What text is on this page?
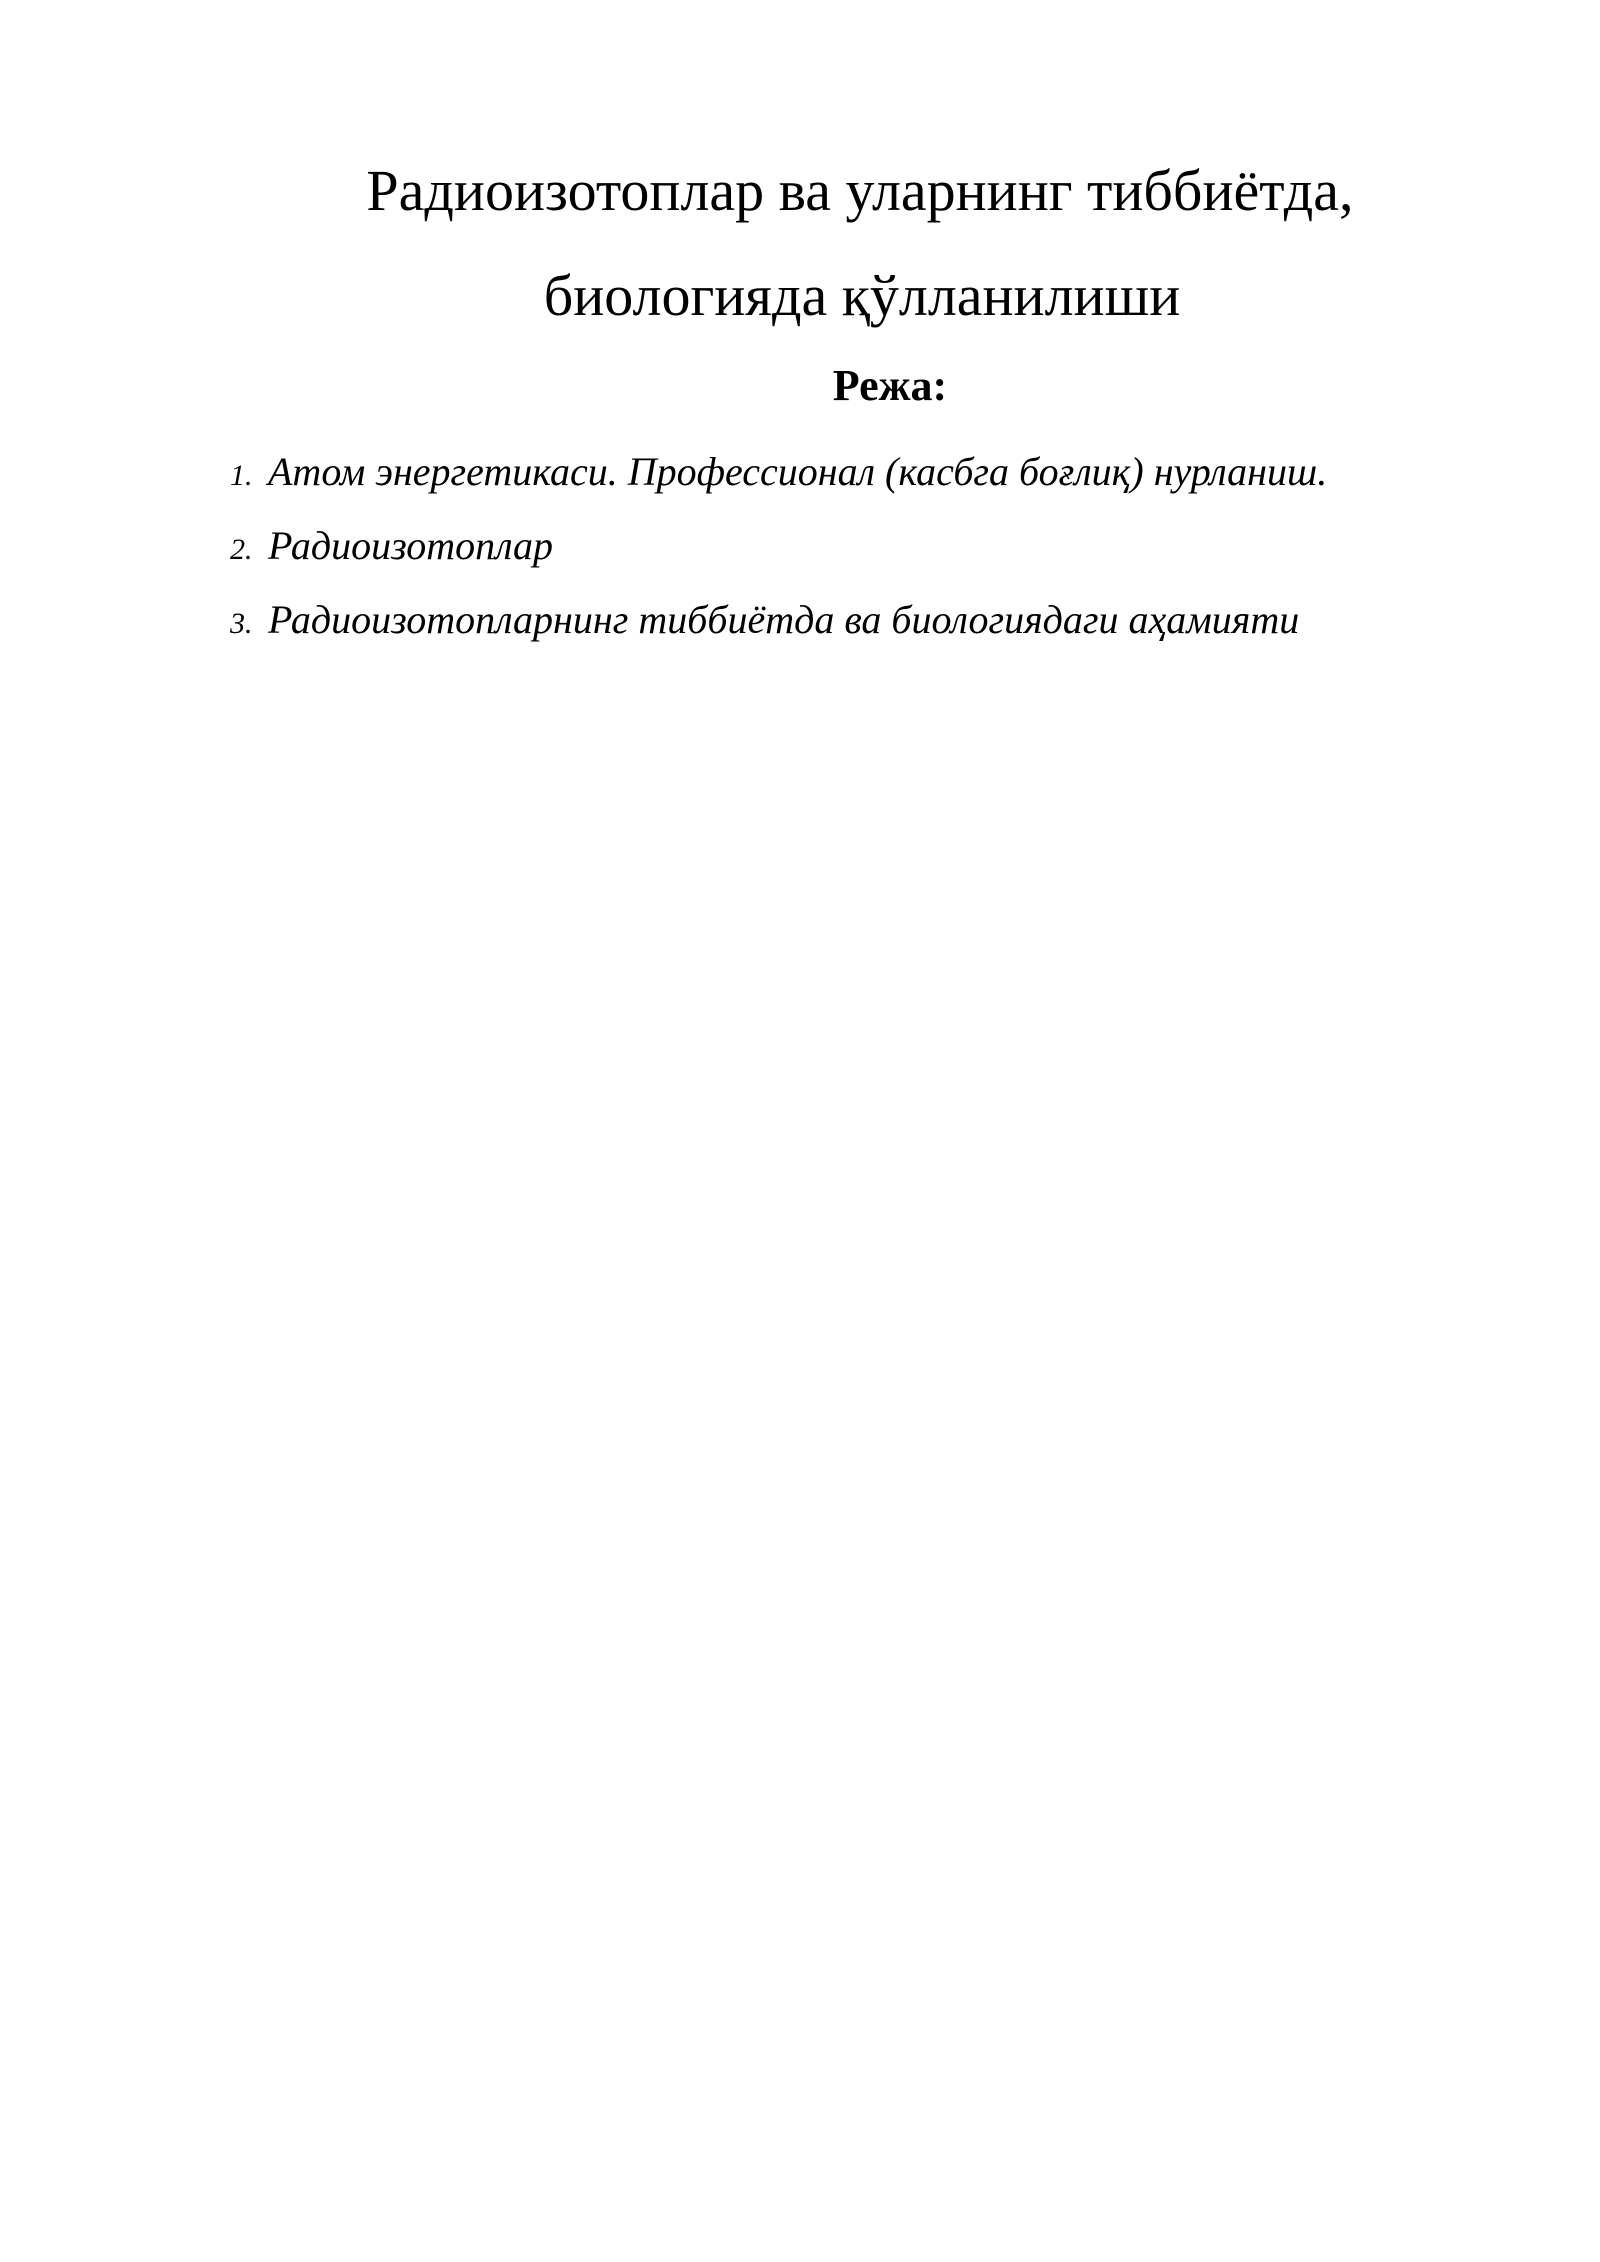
Радиоизотоплар ва уларнинг тиббиётда,
биологияда қўлланилиши
Режа:
1. Атом энергетикаси. Профессионал (касбга боғлиқ) нурланиш.
2. Радиоизотоплар
3. Радиоизотопларнинг тиббиётда ва биологиядаги аҳамияти
